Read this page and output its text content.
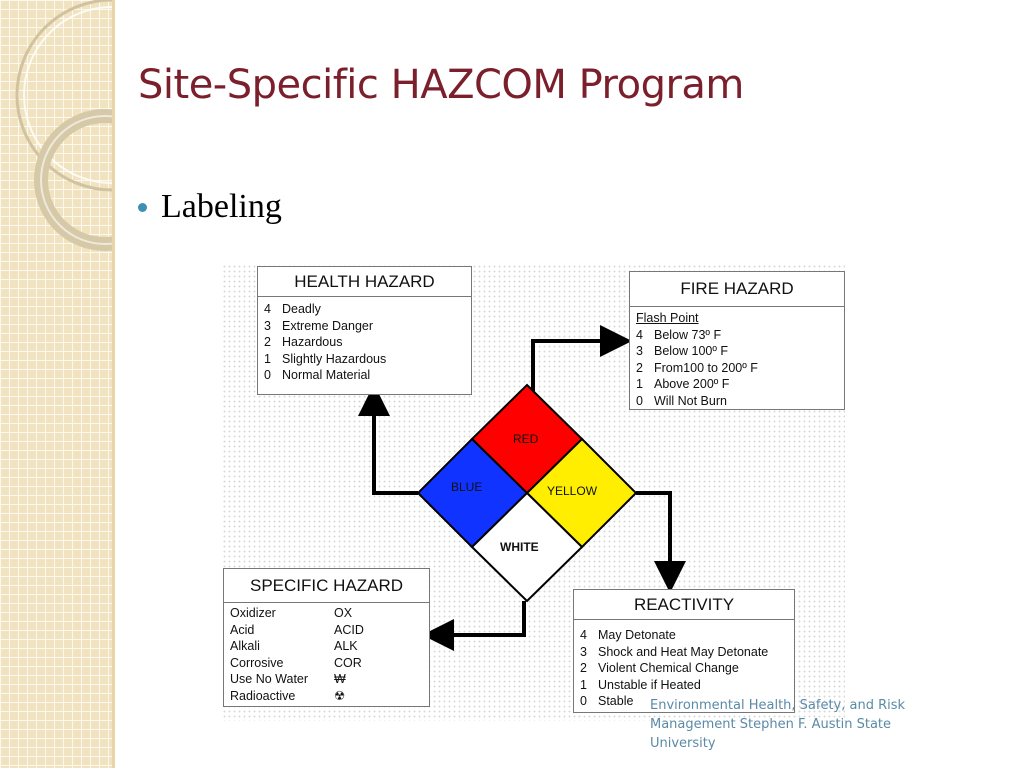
Site-Specific HAZCOM Program
Labeling
RED
BLUE	YELLOW
WHITE
HEALTH HAZARD
4 Deadly
3 Extreme Danger
2 Hazardous
1 Slightly Hazardous
0 Normal Material
FIRE HAZARD
Flash Point
4 Below 73º F
3 Below 100º F
2 From100 to 200º F
1 Above 200º F
0 Will Not Burn
SPECIFIC HAZARD
Oxidizer	OX
Acid	ACID
Alkali	ALK
Corrosive	COR
Use No Water	₩
Radioactive	☢
REACTIVITY
4 May Detonate
3 Shock and Heat May Detonate
2 Violent Chemical Change
1 Unstable if Heated
0 Stable Environmental Health, Safety, and Risk Management Stephen F. Austin State University
